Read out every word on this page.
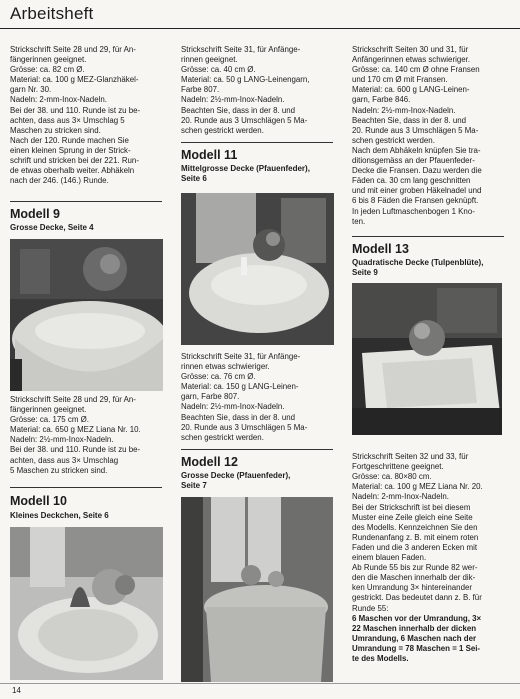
Arbeitsheft
Strickschrift Seite 28 und 29, für An-
fängerinnen geeignet.
Grösse: ca. 82 cm Ø.
Material: ca. 100 g MEZ-Glanzhäkel-
garn Nr. 30.
Nadeln: 2-mm-Inox-Nadeln.
Bei der 38. und 110. Runde ist zu be-
achten, dass aus 3× Umschlag 5
Maschen zu stricken sind.
Nach der 120. Runde machen Sie
einen kleinen Sprung in der Strick-
schrift und stricken bei der 221. Run-
de etwas oberhalb weiter. Abhäkeln
nach der 246. (146.) Runde.
Modell 9
Grosse Decke, Seite 4
Strickschrift Seite 28 und 29, für An-
fängerinnen geeignet.
Grösse: ca. 175 cm Ø.
Material: ca. 650 g MEZ Liana Nr. 10.
Nadeln: 2½-mm-Inox-Nadeln.
Bei der 38. und 110. Runde ist zu be-
achten, dass aus 3× Umschlag
5 Maschen zu stricken sind.
Modell 10
Kleines Deckchen, Seite 6
Strickschrift Seite 31, für Anfänge-
rinnen geeignet.
Grösse: ca. 40 cm Ø.
Material: ca. 50 g LANG-Leinengarn,
Farbe 807.
Nadeln: 2½-mm-Inox-Nadeln.
Beachten Sie, dass in der 8. und
20. Runde aus 3 Umschlägen 5 Ma-
schen gestrickt werden.
Modell 11
Mittelgrosse Decke (Pfauenfeder),
Seite 6
Strickschrift Seite 31, für Anfänge-
rinnen etwas schwieriger.
Grösse: ca. 76 cm Ø.
Material: ca. 150 g LANG-Leinen-
garn, Farbe 807.
Nadeln: 2½-mm-Inox-Nadeln.
Beachten Sie, dass in der 8. und
20. Runde aus 3 Umschlägen 5 Ma-
schen gestrickt werden.
Modell 12
Grosse Decke (Pfauenfeder),
Seite 7
Strickschrift Seiten 30 und 31, für
Anfängerinnen etwas schwieriger.
Grösse: ca. 140 cm Ø ohne Fransen
und 170 cm Ø mit Fransen.
Material: ca. 600 g LANG-Leinen-
garn, Farbe 846.
Nadeln: 2½-mm-Inox-Nadeln.
Beachten Sie, dass in der 8. und
20. Runde aus 3 Umschlägen 5 Ma-
schen gestrickt werden.
Nach dem Abhäkeln knüpfen Sie tra-
ditionsgemäss an der Pfauenfeder-
Decke die Fransen. Dazu werden die
Fäden ca. 30 cm lang geschnitten
und mit einer groben Häkelnadel und
6 bis 8 Fäden die Fransen geknüpft.
In jeden Luftmaschenbogen 1 Kno-
ten.
Modell 13
Quadratische Decke (Tulpenblüte),
Seite 9

Strickschrift Seiten 32 und 33, für
Fortgeschrittene geeignet.
Grösse: ca. 80×80 cm.
Material: ca. 100 g MEZ Liana Nr. 20.
Nadeln: 2-mm-Inox-Nadeln.
Bei der Strickschrift ist bei diesem
Muster eine Zeile gleich eine Seite
des Modells. Kennzeichnen Sie den
Rundenanfang z. B. mit einem roten
Faden und die 3 anderen Ecken mit
einem blauen Faden.
Ab Runde 55 bis zur Runde 82 wer-
den die Maschen innerhalb der dik-
ken Umrandung 3× hintereinander
gestrickt. Das bedeutet dann z. B. für
Runde 55:
6 Maschen vor der Umrandung, 3×
22 Maschen innerhalb der dicken
Umrandung, 6 Maschen nach der
Umrandung = 78 Maschen = 1 Sei-
te des Modells.

14
